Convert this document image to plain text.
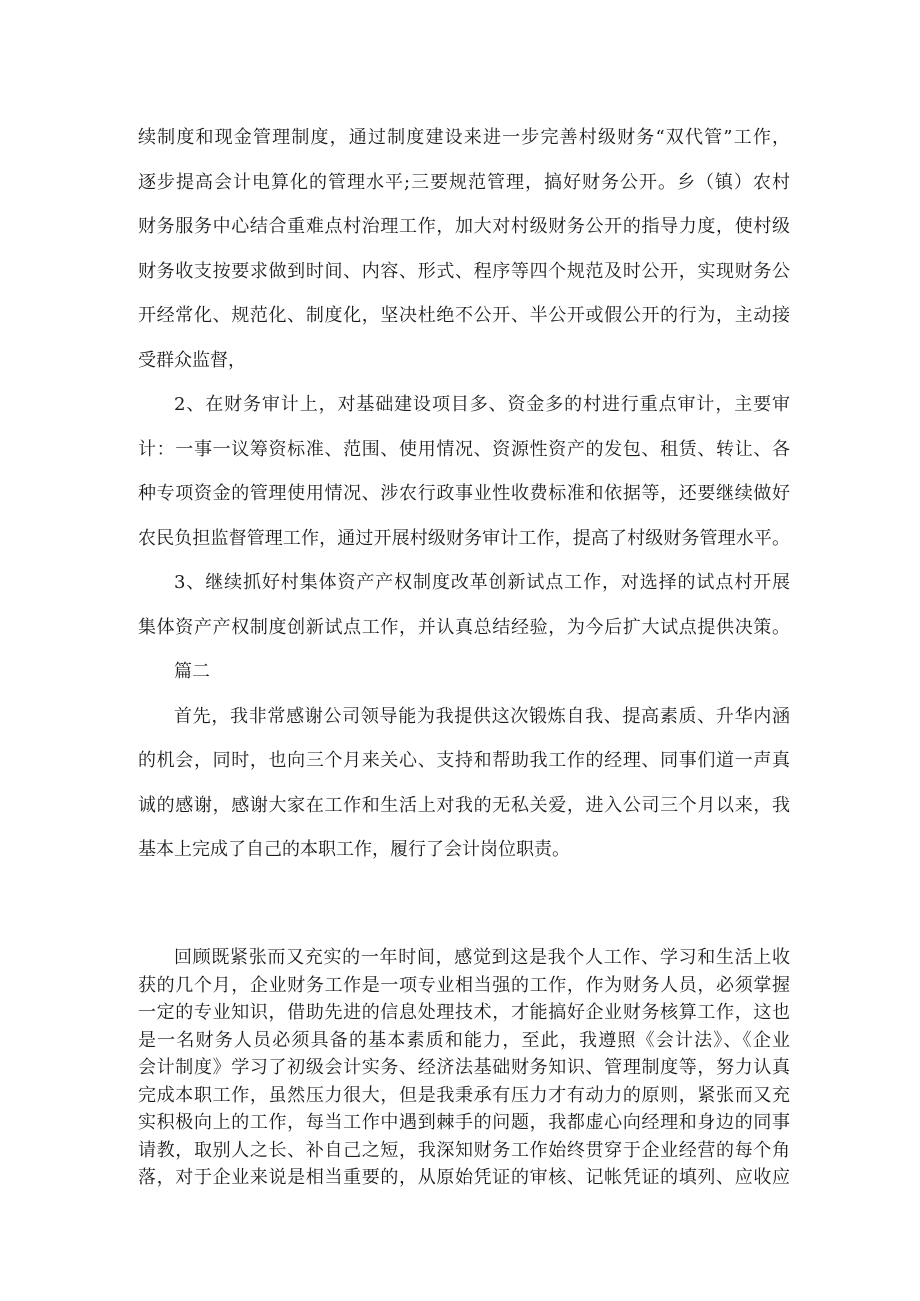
续制度和现金管理制度，通过制度建设来进一步完善村级财务“双代管”工作，
逐步提高会计电算化的管理水平;三要规范管理，搞好财务公开。乡（镇）农村
财务服务中心结合重难点村治理工作，加大对村级财务公开的指导力度，使村级
财务收支按要求做到时间、内容、形式、程序等四个规范及时公开，实现财务公
开经常化、规范化、制度化，坚决杜绝不公开、半公开或假公开的行为，主动接
受群众监督，
2、在财务审计上，对基础建设项目多、资金多的村进行重点审计，主要审
计：一事一议筹资标准、范围、使用情况、资源性资产的发包、租赁、转让、各
种专项资金的管理使用情况、涉农行政事业性收费标准和依据等，还要继续做好
农民负担监督管理工作，通过开展村级财务审计工作，提高了村级财务管理水平。
3、继续抓好村集体资产产权制度改革创新试点工作，对选择的试点村开展
集体资产产权制度创新试点工作，并认真总结经验，为今后扩大试点提供决策。
篇二
首先，我非常感谢公司领导能为我提供这次锻炼自我、提高素质、升华内涵
的机会，同时，也向三个月来关心、支持和帮助我工作的经理、同事们道一声真
诚的感谢，感谢大家在工作和生活上对我的无私关爱，进入公司三个月以来，我
基本上完成了自己的本职工作，履行了会计岗位职责。
回顾既紧张而又充实的一年时间，感觉到这是我个人工作、学习和生活上收
获的几个月，企业财务工作是一项专业相当强的工作，作为财务人员，必须掌握
一定的专业知识，借助先进的信息处理技术，才能搞好企业财务核算工作，这也
是一名财务人员必须具备的基本素质和能力，至此，我遵照《会计法》、《企业
会计制度》学习了初级会计实务、经济法基础财务知识、管理制度等，努力认真
完成本职工作，虽然压力很大，但是我秉承有压力才有动力的原则，紧张而又充
实积极向上的工作，每当工作中遇到棘手的问题，我都虚心向经理和身边的同事
请教，取别人之长、补自己之短，我深知财务工作始终贯穿于企业经营的每个角
落，对于企业来说是相当重要的，从原始凭证的审核、记帐凭证的填列、应收应
